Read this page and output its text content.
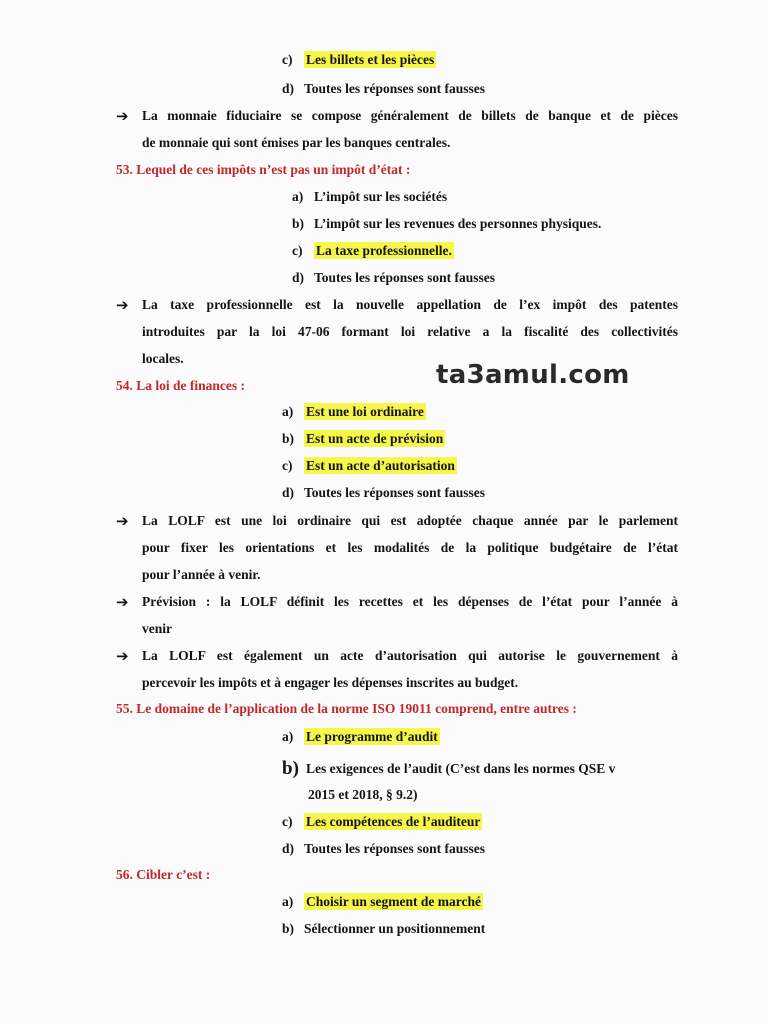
c) Les billets et les pièces
d) Toutes les réponses sont fausses
➔ La monnaie fiduciaire se compose généralement de billets de banque et de pièces
de monnaie qui sont émises par les banques centrales.
53. Lequel de ces impôts n’est pas un impôt d’état :
a) L’impôt sur les sociétés
b) L’impôt sur les revenues des personnes physiques.
c) La taxe professionnelle.
d) Toutes les réponses sont fausses
➔ La taxe professionnelle est la nouvelle appellation de l’ex impôt des patentes
introduites par la loi 47-06 formant loi relative a la fiscalité des collectivités
locales.
ta3amul.com
54. La loi de finances :
a) Est une loi ordinaire
b) Est un acte de prévision
c) Est un acte d’autorisation
d) Toutes les réponses sont fausses
➔ La LOLF est une loi ordinaire qui est adoptée chaque année par le parlement
pour fixer les orientations et les modalités de la politique budgétaire de l’état
pour l’année à venir.
➔ Prévision : la LOLF définit les recettes et les dépenses de l’état pour l’année à
venir
➔ La LOLF est également un acte d’autorisation qui autorise le gouvernement à
percevoir les impôts et à engager les dépenses inscrites au budget.
55. Le domaine de l’application de la norme ISO 19011 comprend, entre autres :
a) Le programme d’audit
b) Les exigences de l’audit (C’est dans les normes QSE v
2015 et 2018, § 9.2)
c) Les compétences de l’auditeur
d) Toutes les réponses sont fausses
56. Cibler c’est :
a) Choisir un segment de marché
b) Sélectionner un positionnement
